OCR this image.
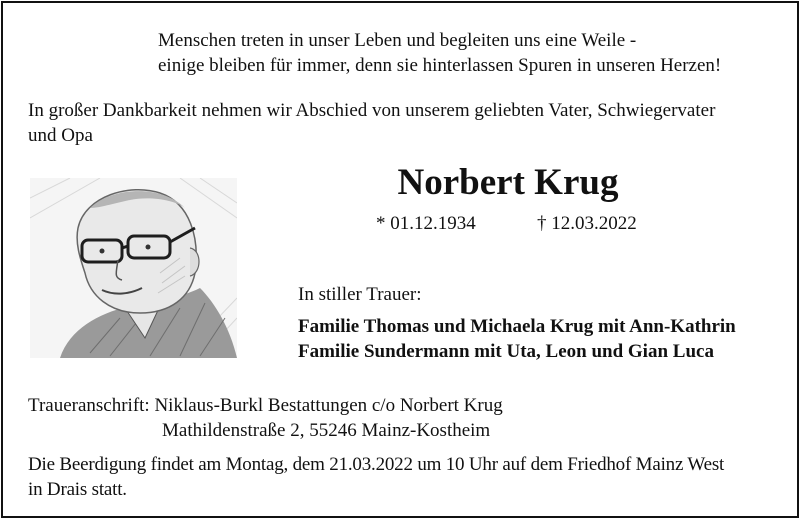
Menschen treten in unser Leben und begleiten uns eine Weile -
einige bleiben für immer, denn sie hinterlassen Spuren in unseren Herzen!
In großer Dankbarkeit nehmen wir Abschied von unserem geliebten Vater, Schwiegervater
und Opa
Norbert Krug
* 01.12.1934	† 12.03.2022
In stiller Trauer:
Familie Thomas und Michaela Krug mit Ann-Kathrin
Familie Sundermann mit Uta, Leon und Gian Luca
Traueranschrift: Niklaus-Burkl Bestattungen c/o Norbert Krug
Mathildenstraße 2, 55246 Mainz-Kostheim
Die Beerdigung findet am Montag, dem 21.03.2022 um 10 Uhr auf dem Friedhof Mainz West
in Drais statt.
